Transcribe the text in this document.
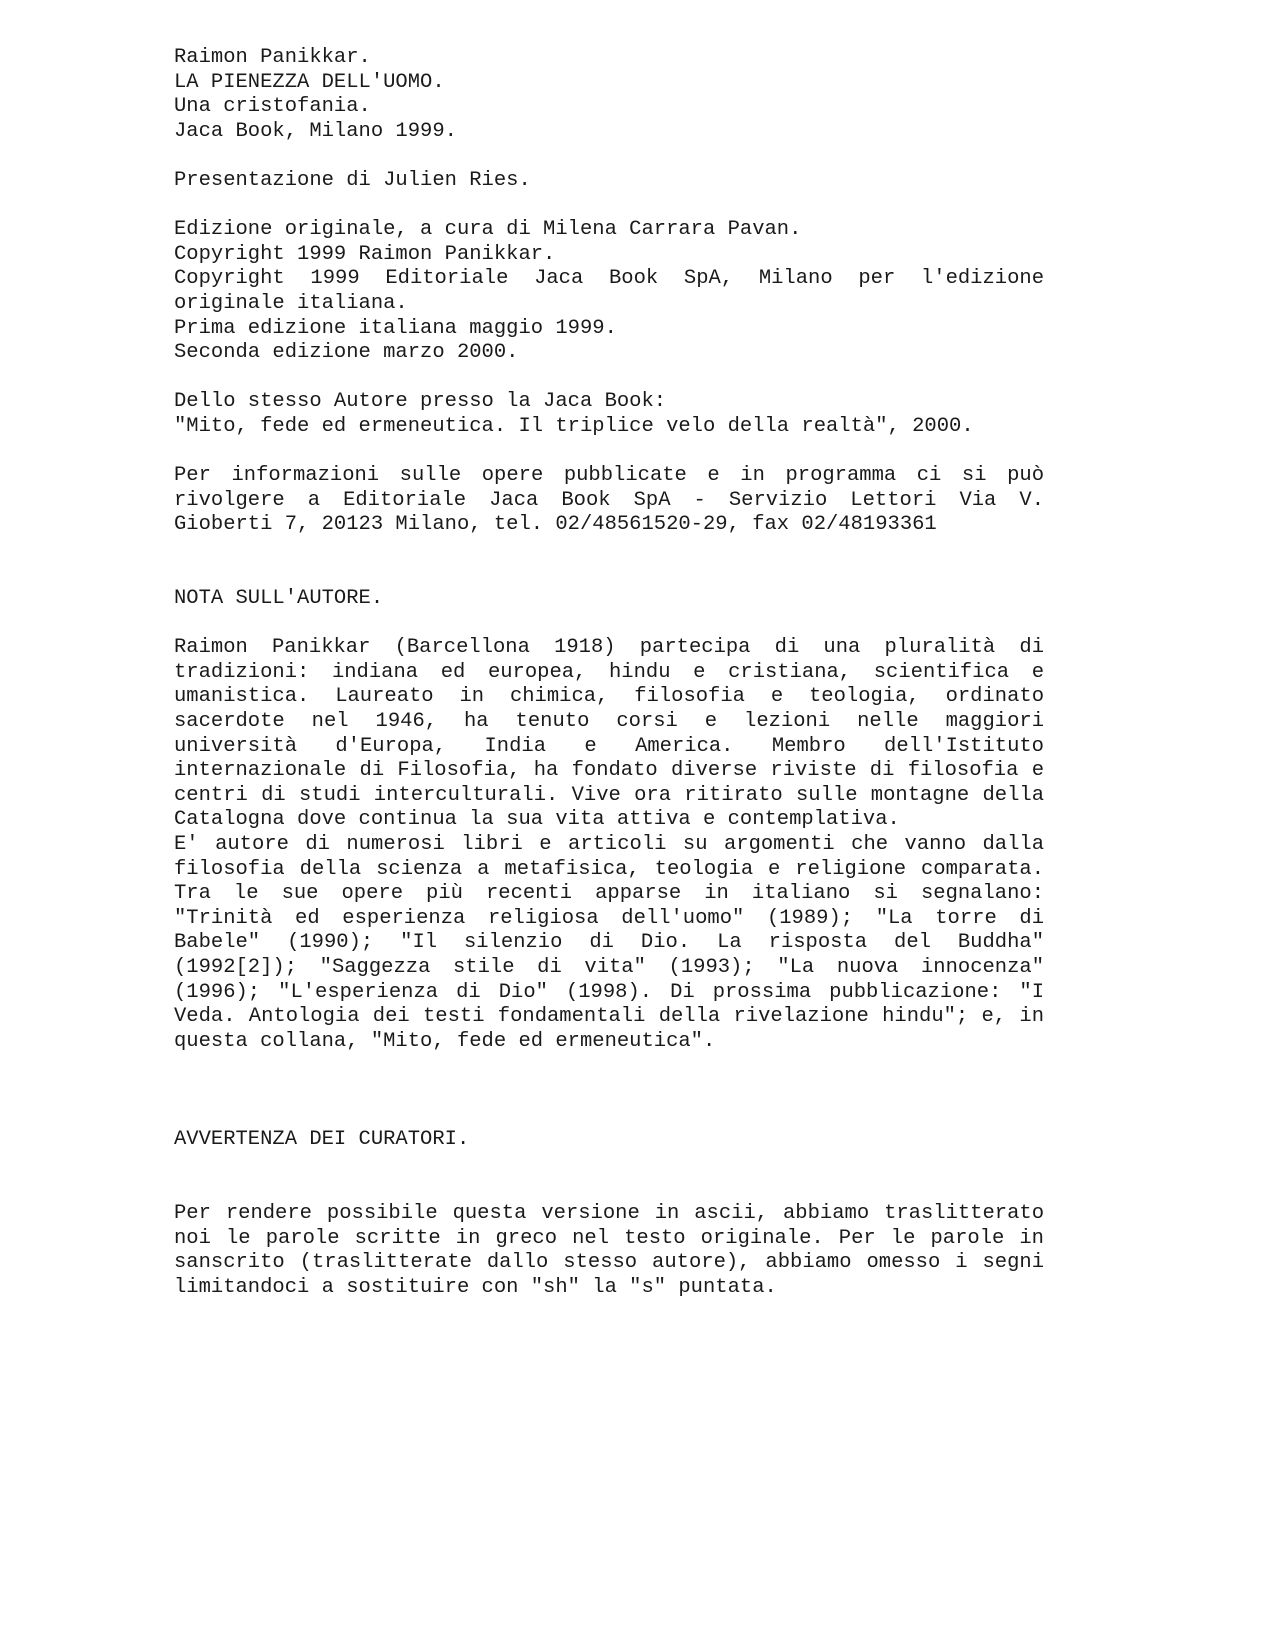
Raimon Panikkar.
LA PIENEZZA DELL'UOMO.
Una cristofania.
Jaca Book, Milano 1999.
Presentazione di Julien Ries.
Edizione originale, a cura di Milena Carrara Pavan.
Copyright 1999 Raimon Panikkar.
Copyright 1999 Editoriale Jaca Book SpA, Milano per l'edizione
originale italiana.
Prima edizione italiana maggio 1999.
Seconda edizione marzo 2000.
Dello stesso Autore presso la Jaca Book:
"Mito, fede ed ermeneutica. Il triplice velo della realtà", 2000.
Per informazioni sulle opere pubblicate e in programma ci si può
rivolgere a Editoriale Jaca Book SpA - Servizio Lettori Via V.
Gioberti 7, 20123 Milano, tel. 02/48561520-29, fax 02/48193361
NOTA SULL'AUTORE.
Raimon Panikkar (Barcellona 1918) partecipa di una pluralità di
tradizioni: indiana ed europea, hindu e cristiana, scientifica e
umanistica. Laureato in chimica, filosofia e teologia, ordinato
sacerdote nel 1946, ha tenuto corsi e lezioni nelle maggiori
università d'Europa, India e America. Membro dell'Istituto
internazionale di Filosofia, ha fondato diverse riviste di filosofia e
centri di studi interculturali. Vive ora ritirato sulle montagne della
Catalogna dove continua la sua vita attiva e contemplativa.
E' autore di numerosi libri e articoli su argomenti che vanno dalla
filosofia della scienza a metafisica, teologia e religione comparata.
Tra le sue opere più recenti apparse in italiano si segnalano:
"Trinità ed esperienza religiosa dell'uomo" (1989); "La torre di
Babele" (1990); "Il silenzio di Dio. La risposta del Buddha"
(1992[2]); "Saggezza stile di vita" (1993); "La nuova innocenza"
(1996); "L'esperienza di Dio" (1998). Di prossima pubblicazione: "I
Veda. Antologia dei testi fondamentali della rivelazione hindu"; e, in
questa collana, "Mito, fede ed ermeneutica".
AVVERTENZA DEI CURATORI.
Per rendere possibile questa versione in ascii, abbiamo traslitterato
noi le parole scritte in greco nel testo originale. Per le parole in
sanscrito (traslitterate dallo stesso autore), abbiamo omesso i segni
limitandoci a sostituire con "sh" la "s" puntata.
